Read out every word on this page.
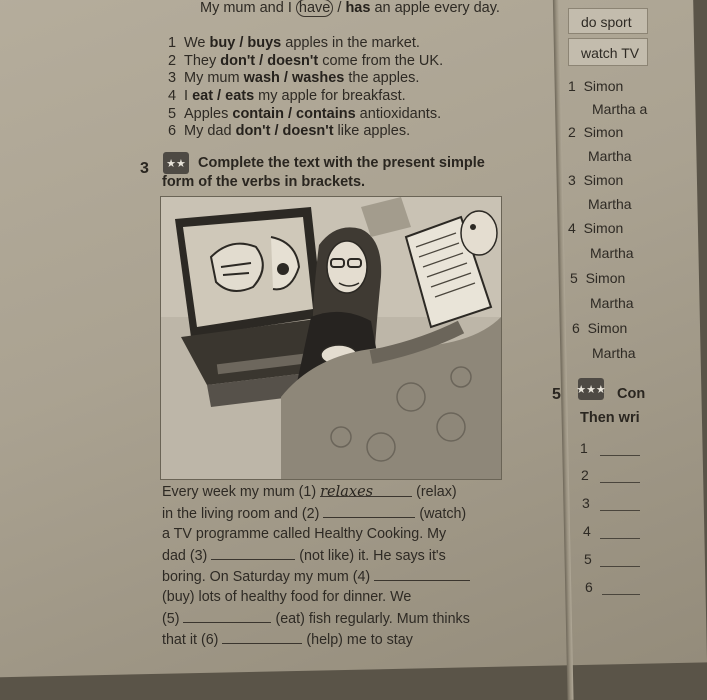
My mum and I have / has an apple every day.
1 We buy / buys apples in the market.
2 They don't / doesn't come from the UK.
3 My mum wash / washes the apples.
4 I eat / eats my apple for breakfast.
5 Apples contain / contains antioxidants.
6 My dad don't / doesn't like apples.
3 ★★ Complete the text with the present simple
form of the verbs in brackets.
Every week my mum (1) relaxes	(relax)
in the living room and (2)	(watch)
a TV programme called Healthy Cooking. My
dad (3)	(not like) it. He says it's
boring. On Saturday my mum (4)
(buy) lots of healthy food for dinner. We
(5)	(eat) fish regularly. Mum thinks
that it (6)	(help) me to stay
do sport
watch TV
1 Simon
Martha a
2 Simon
Martha
3 Simon
Martha
4 Simon
Martha
5 Simon
Martha
6 Simon
Martha
5 ★★★ Con
Then wri
1
2
3
4
5
6
